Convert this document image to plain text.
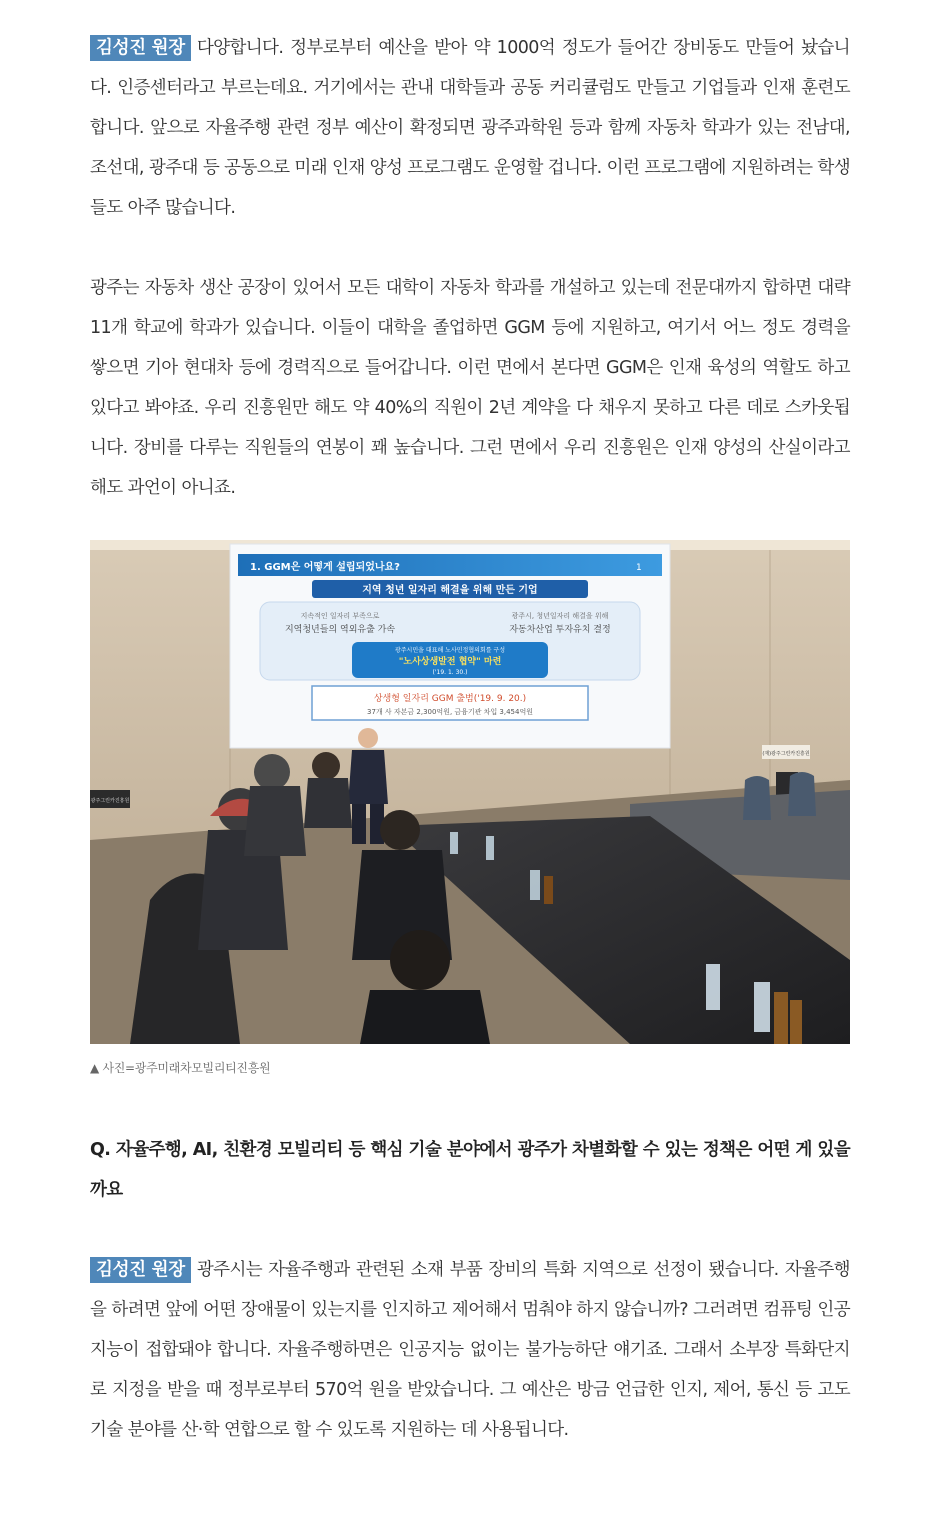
김성진 원장 다양합니다. 정부로부터 예산을 받아 약 1000억 정도가 들어간 장비동도 만들어 놨습니다. 인증센터라고 부르는데요. 거기에서는 관내 대학들과 공동 커리큘럼도 만들고 기업들과 인재 훈련도 합니다. 앞으로 자율주행 관련 정부 예산이 확정되면 광주과학원 등과 함께 자동차 학과가 있는 전남대, 조선대, 광주대 등 공동으로 미래 인재 양성 프로그램도 운영할 겁니다. 이런 프로그램에 지원하려는 학생들도 아주 많습니다.

광주는 자동차 생산 공장이 있어서 모든 대학이 자동차 학과를 개설하고 있는데 전문대까지 합하면 대략 11개 학교에 학과가 있습니다. 이들이 대학을 졸업하면 GGM 등에 지원하고, 여기서 어느 정도 경력을 쌓으면 기아 현대차 등에 경력직으로 들어갑니다. 이런 면에서 본다면 GGM은 인재 육성의 역할도 하고 있다고 봐야죠. 우리 진흥원만 해도 약 40%의 직원이 2년 계약을 다 채우지 못하고 다른 데로 스카웃됩니다. 장비를 다루는 직원들의 연봉이 꽤 높습니다. 그런 면에서 우리 진흥원은 인재 양성의 산실이라고 해도 과언이 아니죠.

1. GGM은 어떻게 설립되었나요?	1
지역 청년 일자리 해결을 위해 만든 기업
지속적인 일자리 부족으로
지역청년들의 역외유출 가속
광주시, 청년일자리 해결을 위해
자동차산업 투자유치 결정
광주시민을 대표해 노사민정협의회를 구성
"노사상생발전 협약" 마련
('19. 1. 30.)
상생형 일자리 GGM 출범('19. 9. 20.)
37개 사 자본금 2,300억원, 금융기관 차입 3,454억원
(재)광주그린카진흥원
광주그린카진흥원
▲ 사진=광주미래차모빌리티진흥원

Q. 자율주행, AI, 친환경 모빌리티 등 핵심 기술 분야에서 광주가 차별화할 수 있는 정책은 어떤 게 있을까요

김성진 원장 광주시는 자율주행과 관련된 소재 부품 장비의 특화 지역으로 선정이 됐습니다. 자율주행을 하려면 앞에 어떤 장애물이 있는지를 인지하고 제어해서 멈춰야 하지 않습니까? 그러려면 컴퓨팅 인공지능이 접합돼야 합니다. 자율주행하면은 인공지능 없이는 불가능하단 얘기죠. 그래서 소부장 특화단지로 지정을 받을 때 정부로부터 570억 원을 받았습니다. 그 예산은 방금 언급한 인지, 제어, 통신 등 고도 기술 분야를 산·학 연합으로 할 수 있도록 지원하는 데 사용됩니다.
